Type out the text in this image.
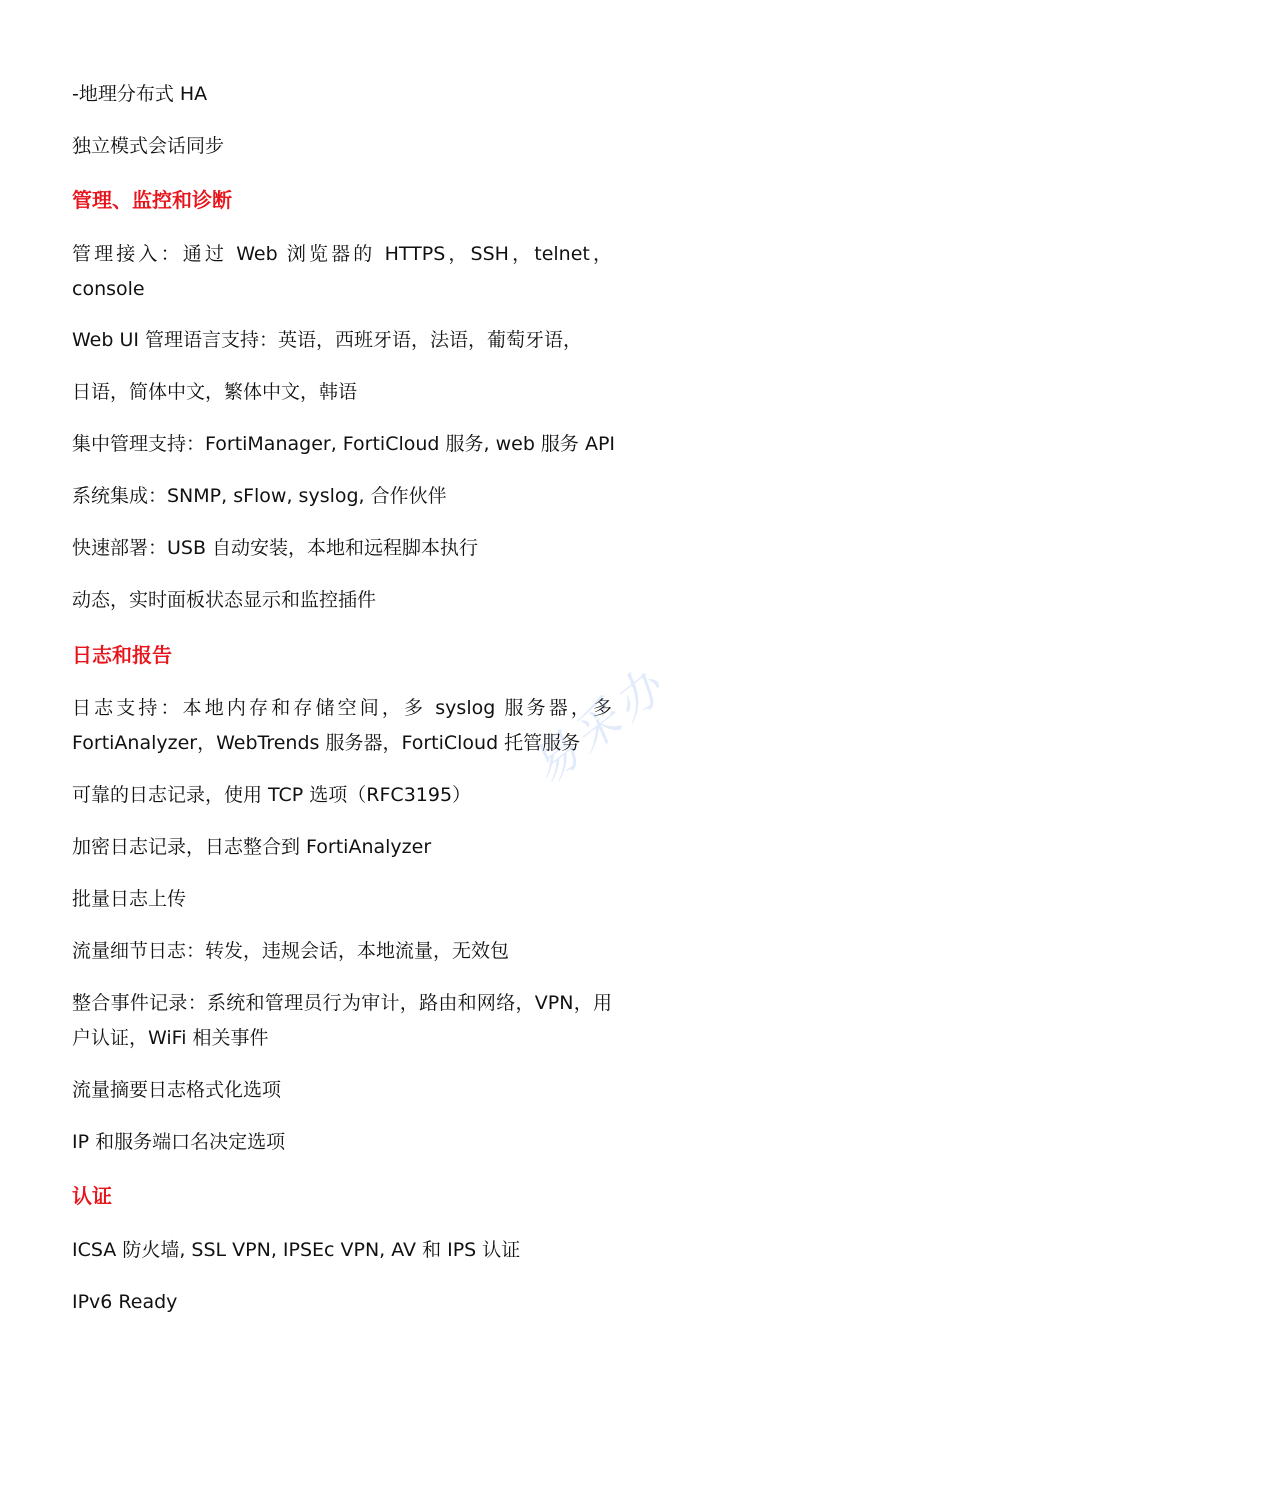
-地理分布式 HA

独立模式会话同步

管理、监控和诊断

管理接入：通过 Web 浏览器的 HTTPS，SSH，telnet，console

Web UI 管理语言支持：英语，西班牙语，法语，葡萄牙语，

日语，简体中文，繁体中文，韩语

集中管理支持：FortiManager, FortiCloud 服务, web 服务 API

系统集成：SNMP, sFlow, syslog, 合作伙伴

快速部署：USB 自动安装，本地和远程脚本执行

动态，实时面板状态显示和监控插件

日志和报告

日志支持：本地内存和存储空间，多 syslog 服务器，多 FortiAnalyzer，WebTrends 服务器，FortiCloud 托管服务

可靠的日志记录，使用 TCP 选项（RFC3195）

加密日志记录，日志整合到 FortiAnalyzer

批量日志上传

流量细节日志：转发，违规会话，本地流量，无效包

整合事件记录：系统和管理员行为审计，路由和网络，VPN，用户认证，WiFi 相关事件

流量摘要日志格式化选项

IP 和服务端口名决定选项

认证

ICSA 防火墙, SSL VPN, IPSEc VPN, AV 和 IPS 认证

IPv6 Ready

易采办
